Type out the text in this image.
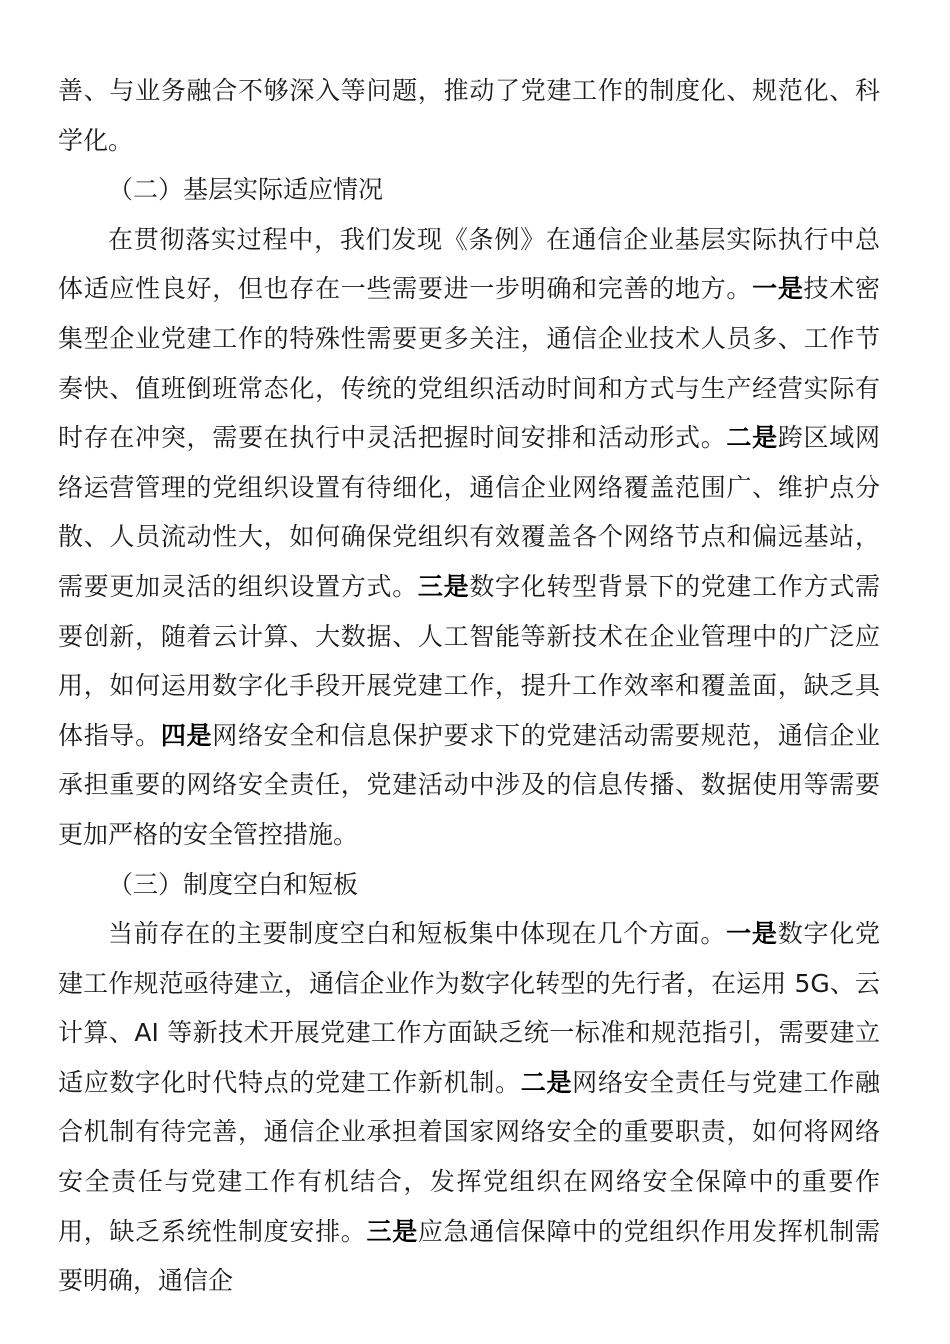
善、与业务融合不够深入等问题，推动了党建工作的制度化、规范化、科学化。

（二）基层实际适应情况

在贯彻落实过程中，我们发现《条例》在通信企业基层实际执行中总体适应性良好，但也存在一些需要进一步明确和完善的地方。一是技术密集型企业党建工作的特殊性需要更多关注，通信企业技术人员多、工作节奏快、值班倒班常态化，传统的党组织活动时间和方式与生产经营实际有时存在冲突，需要在执行中灵活把握时间安排和活动形式。二是跨区域网络运营管理的党组织设置有待细化，通信企业网络覆盖范围广、维护点分散、人员流动性大，如何确保党组织有效覆盖各个网络节点和偏远基站，需要更加灵活的组织设置方式。三是数字化转型背景下的党建工作方式需要创新，随着云计算、大数据、人工智能等新技术在企业管理中的广泛应用，如何运用数字化手段开展党建工作，提升工作效率和覆盖面，缺乏具体指导。四是网络安全和信息保护要求下的党建活动需要规范，通信企业承担重要的网络安全责任，党建活动中涉及的信息传播、数据使用等需要更加严格的安全管控措施。

（三）制度空白和短板

当前存在的主要制度空白和短板集中体现在几个方面。一是数字化党建工作规范亟待建立，通信企业作为数字化转型的先行者，在运用 5G、云计算、AI 等新技术开展党建工作方面缺乏统一标准和规范指引，需要建立适应数字化时代特点的党建工作新机制。二是网络安全责任与党建工作融合机制有待完善，通信企业承担着国家网络安全的重要职责，如何将网络安全责任与党建工作有机结合，发挥党组织在网络安全保障中的重要作用，缺乏系统性制度安排。三是应急通信保障中的党组织作用发挥机制需要明确，通信企
